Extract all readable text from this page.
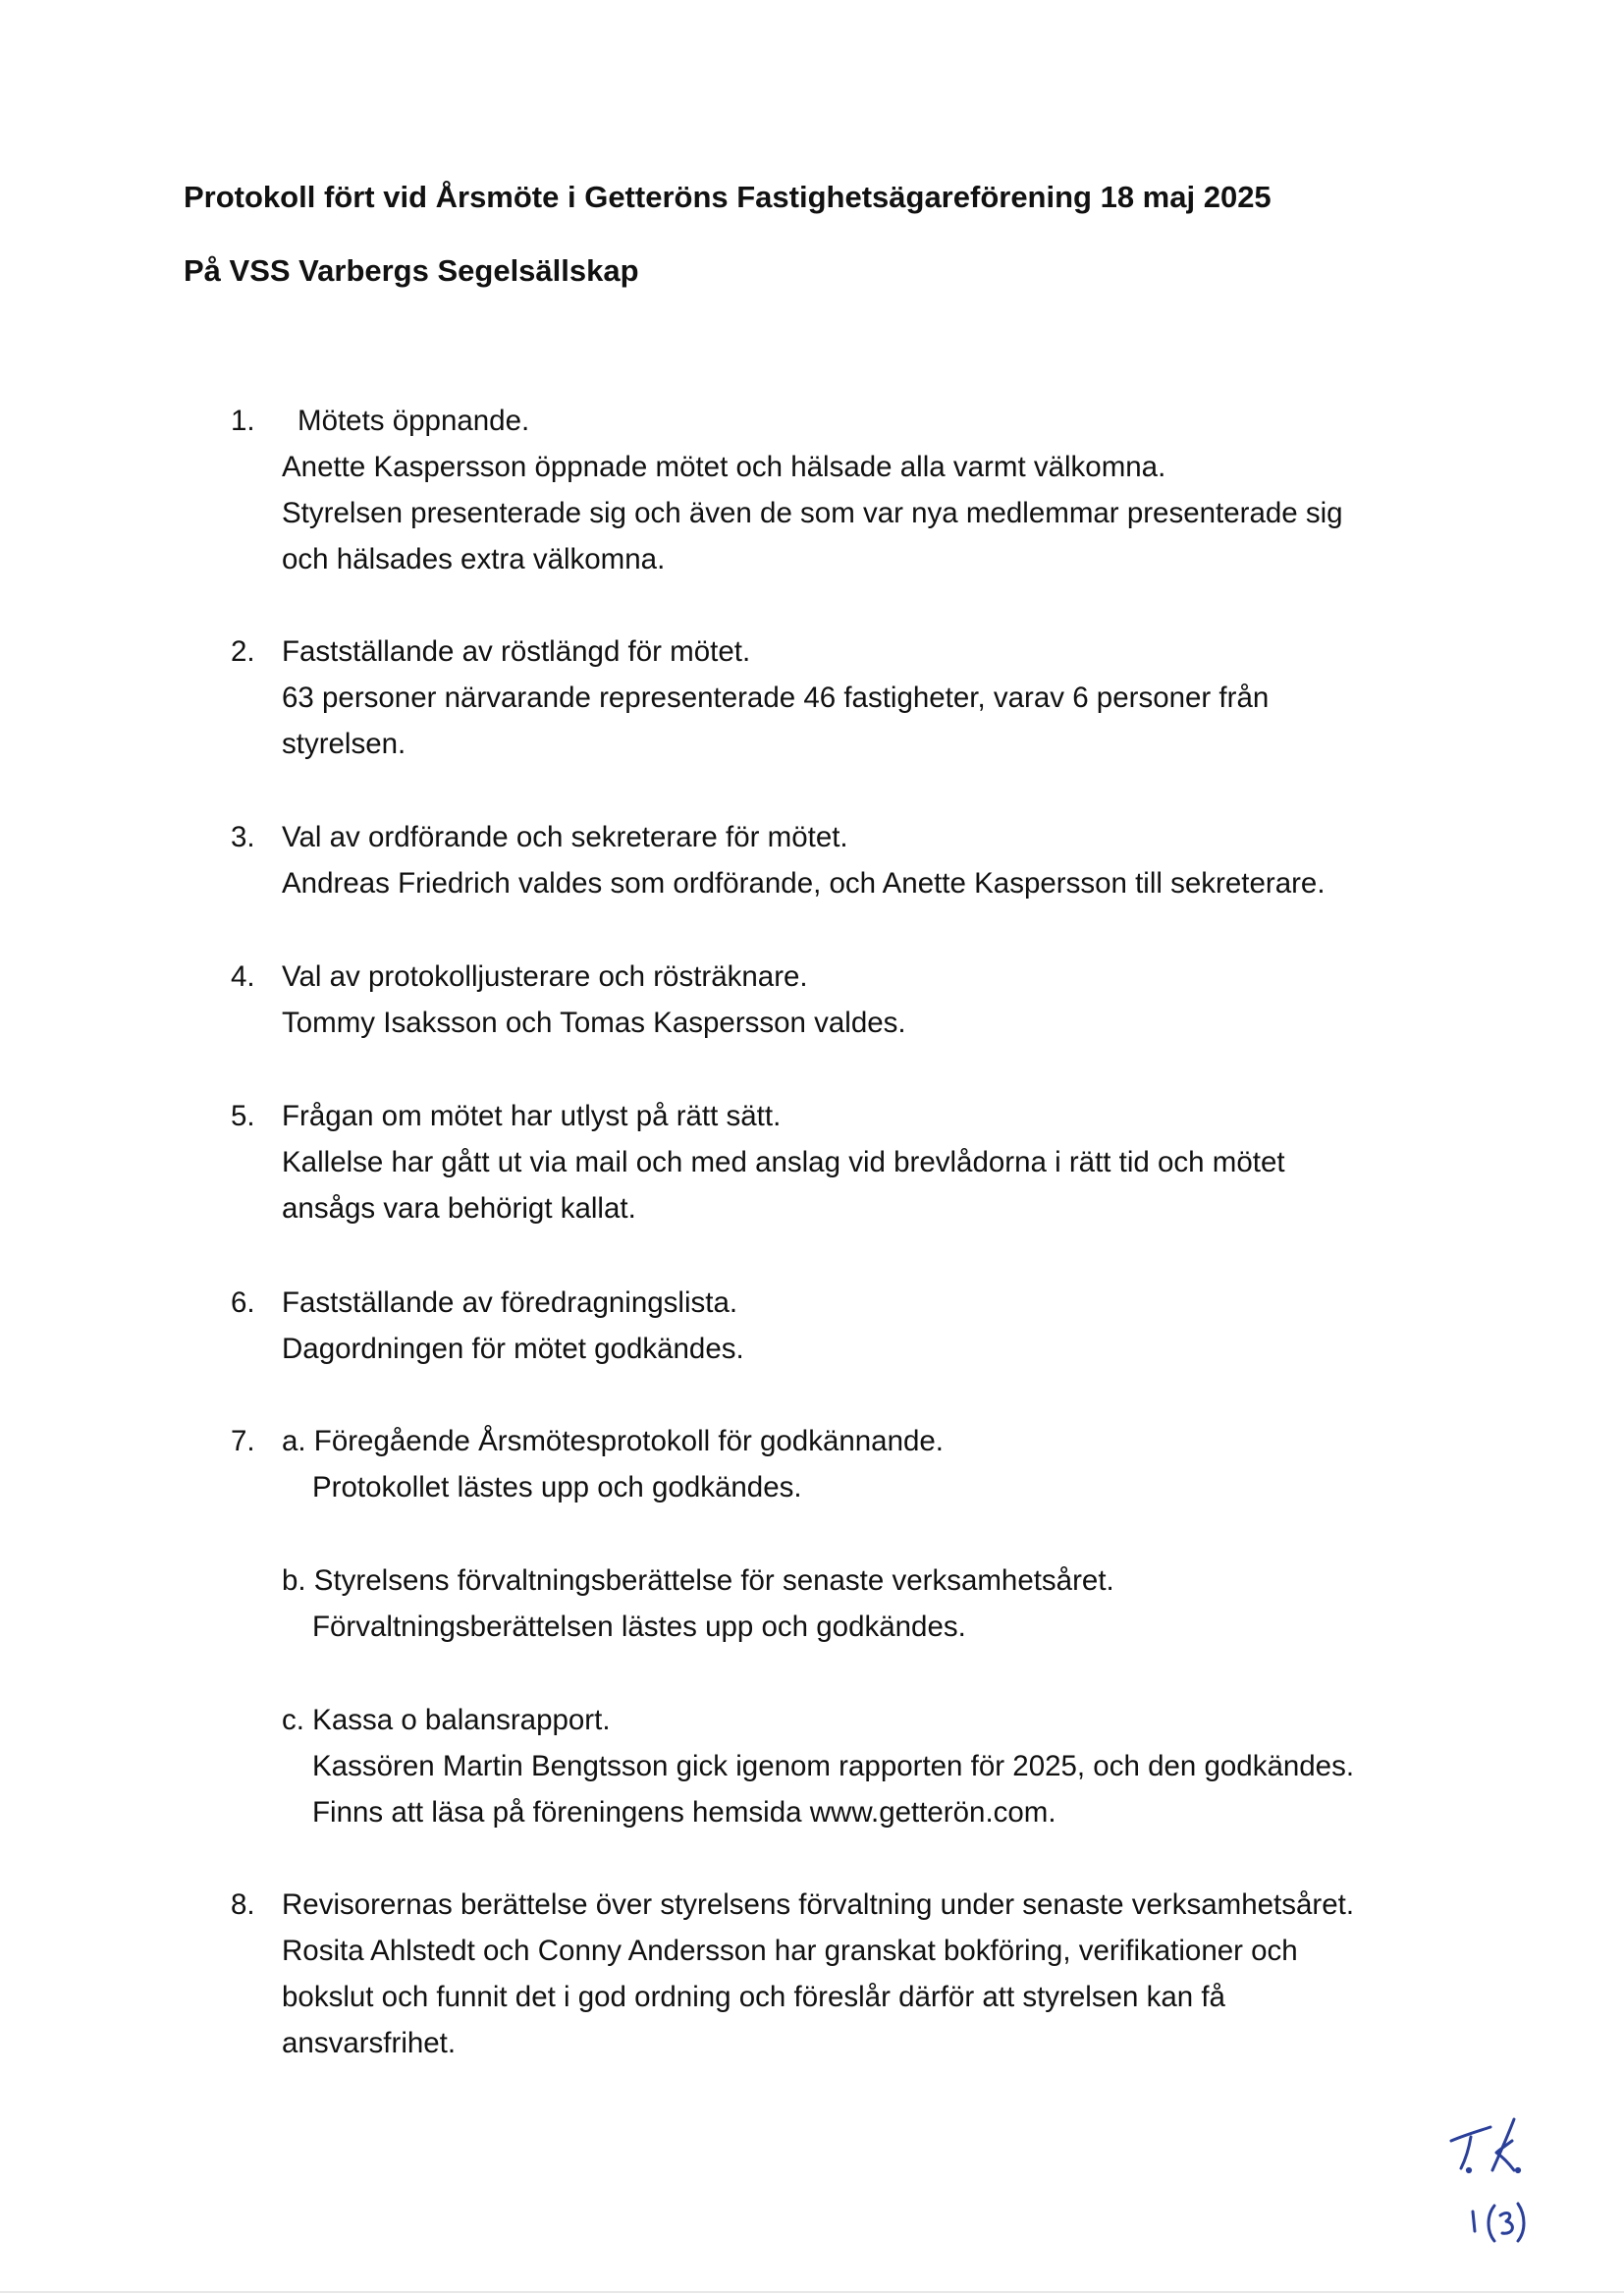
Protokoll fört vid Årsmöte i Getteröns Fastighetsägareförening 18 maj 2025
På VSS Varbergs Segelsällskap
1.	Mötets öppnande.
Anette Kaspersson öppnade mötet och hälsade alla varmt välkomna.
Styrelsen presenterade sig och även de som var nya medlemmar presenterade sig
och hälsades extra välkomna.
2. Fastställande av röstlängd för mötet.
63 personer närvarande representerade 46 fastigheter, varav 6 personer från
styrelsen.
3. Val av ordförande och sekreterare för mötet.
Andreas Friedrich valdes som ordförande, och Anette Kaspersson till sekreterare.
4. Val av protokolljusterare och rösträknare.
Tommy Isaksson och Tomas Kaspersson valdes.
5. Frågan om mötet har utlyst på rätt sätt.
Kallelse har gått ut via mail och med anslag vid brevlådorna i rätt tid och mötet
ansågs vara behörigt kallat.
6. Fastställande av föredragningslista.
Dagordningen för mötet godkändes.
7. a. Föregående Årsmötesprotokoll för godkännande.
Protokollet lästes upp och godkändes.
b. Styrelsens förvaltningsberättelse för senaste verksamhetsåret.
Förvaltningsberättelsen lästes upp och godkändes.
c. Kassa o balansrapport.
Kassören Martin Bengtsson gick igenom rapporten för 2025, och den godkändes.
Finns att läsa på föreningens hemsida www.getterön.com.
8. Revisorernas berättelse över styrelsens förvaltning under senaste verksamhetsåret.
Rosita Ahlstedt och Conny Andersson har granskat bokföring, verifikationer och
bokslut och funnit det i god ordning och föreslår därför att styrelsen kan få
ansvarsfrihet.
